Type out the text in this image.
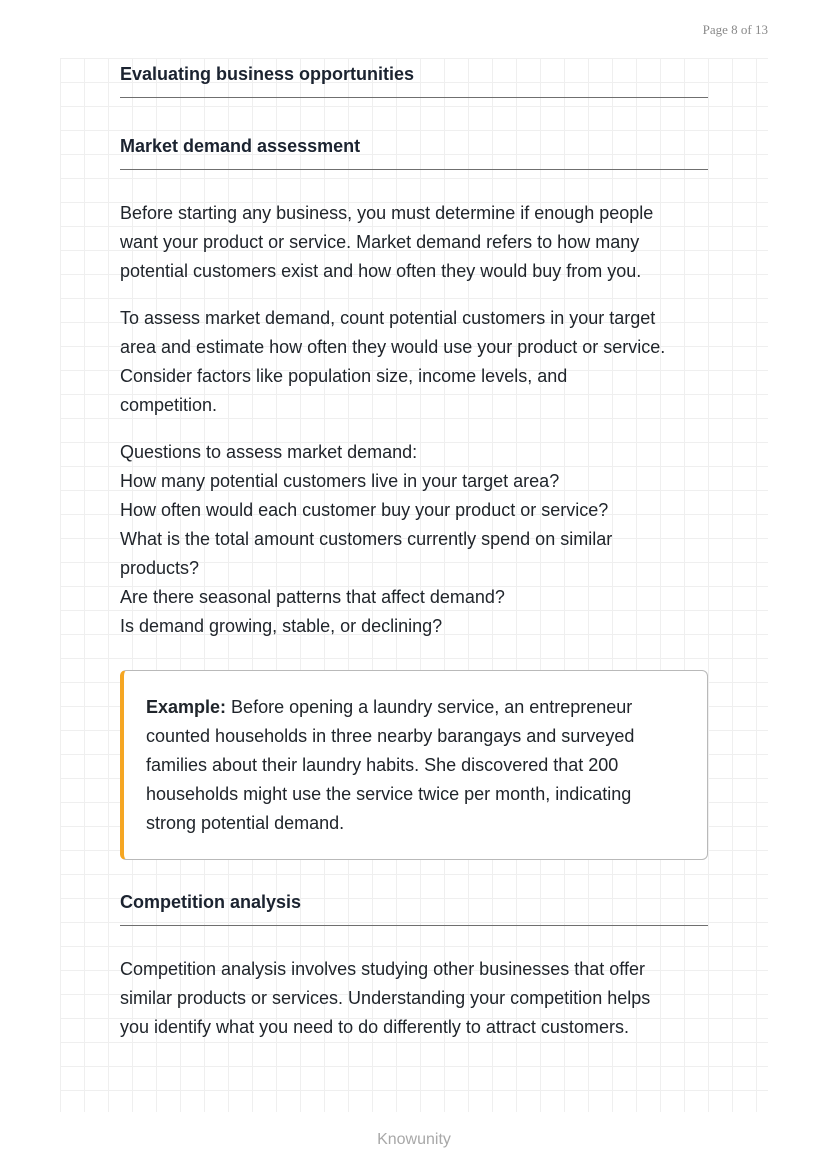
Page 8 of 13
Evaluating business opportunities
Market demand assessment

Before starting any business, you must determine if enough people

want your product or service. Market demand refers to how many

potential customers exist and how often they would buy from you.

To assess market demand, count potential customers in your target

area and estimate how often they would use your product or service.

Consider factors like population size, income levels, and

competition.

Questions to assess market demand:

How many potential customers live in your target area?

How often would each customer buy your product or service?

What is the total amount customers currently spend on similar

products?

Are there seasonal patterns that affect demand?

Is demand growing, stable, or declining?

Example: Before opening a laundry service, an entrepreneur

counted households in three nearby barangays and surveyed

families about their laundry habits. She discovered that 200

households might use the service twice per month, indicating

strong potential demand.

Competition analysis

Competition analysis involves studying other businesses that offer

similar products or services. Understanding your competition helps

you identify what you need to do differently to attract customers.

Knowunity
